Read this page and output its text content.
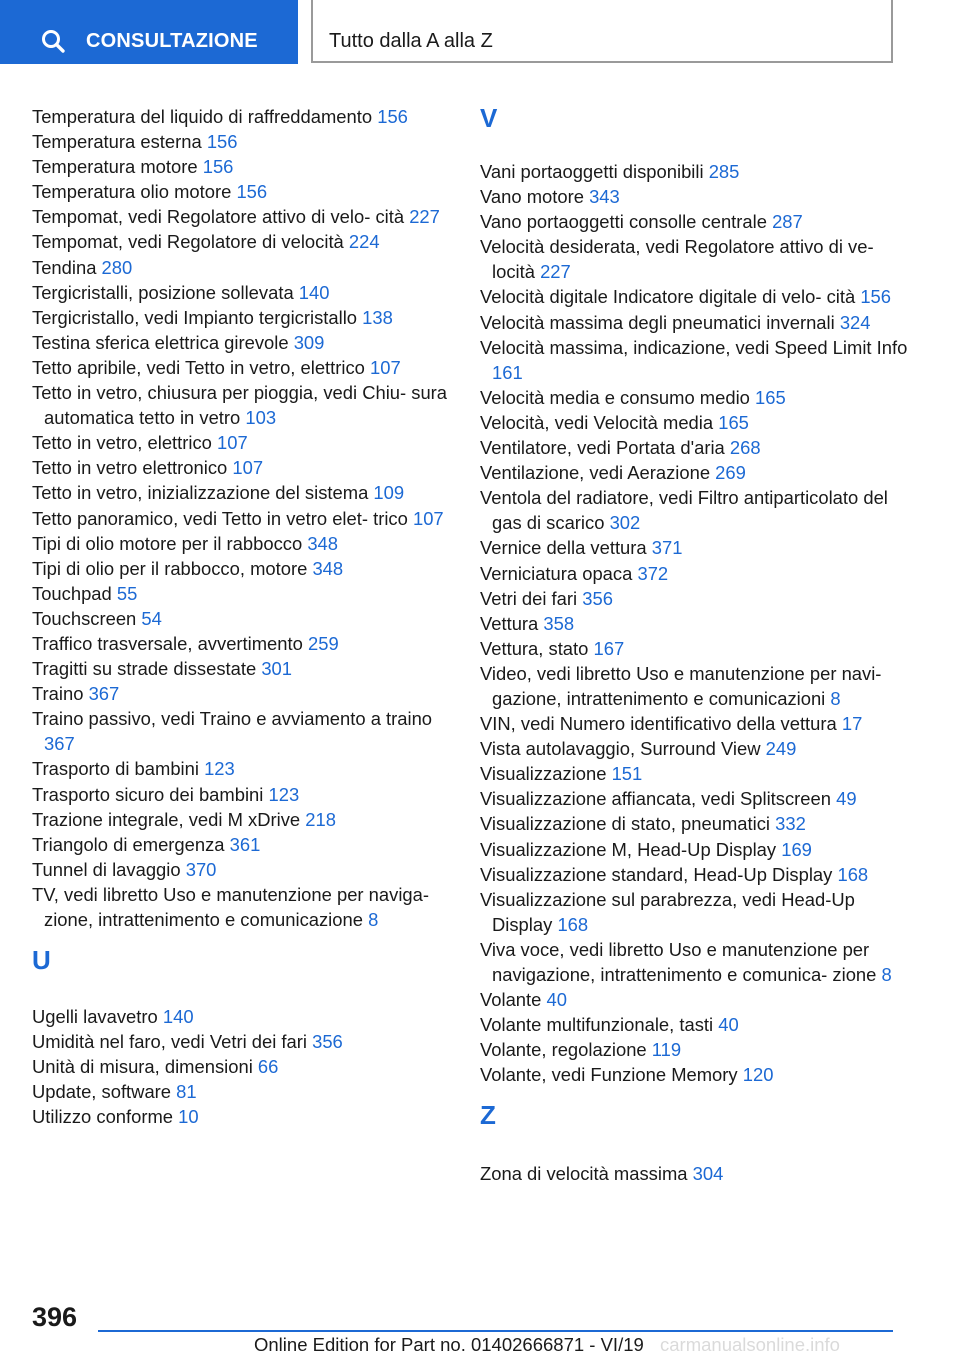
CONSULTAZIONE	Tutto dalla A alla Z
Temperatura del liquido di raffreddamento 156
Temperatura esterna 156
Temperatura motore 156
Temperatura olio motore 156
Tempomat, vedi Regolatore attivo di velo‐ cità 227
Tempomat, vedi Regolatore di velocità 224
Tendina 280
Tergicristalli, posizione sollevata 140
Tergicristallo, vedi Impianto tergicristallo 138
Testina sferica elettrica girevole 309
Tetto apribile, vedi Tetto in vetro, elettrico 107
Tetto in vetro, chiusura per pioggia, vedi Chiu‐ sura automatica tetto in vetro 103
Tetto in vetro, elettrico 107
Tetto in vetro elettronico 107
Tetto in vetro, inizializzazione del sistema 109
Tetto panoramico, vedi Tetto in vetro elet‐ trico 107
Tipi di olio motore per il rabbocco 348
Tipi di olio per il rabbocco, motore 348
Touchpad 55
Touchscreen 54
Traffico trasversale, avvertimento 259
Tragitti su strade dissestate 301
Traino 367
Traino passivo, vedi Traino e avviamento a traino 367
Trasporto di bambini 123
Trasporto sicuro dei bambini 123
Trazione integrale, vedi M xDrive 218
Triangolo di emergenza 361
Tunnel di lavaggio 370
TV, vedi libretto Uso e manutenzione per naviga‐ zione, intrattenimento e comunicazione 8
U
Ugelli lavavetro 140
Umidità nel faro, vedi Vetri dei fari 356
Unità di misura, dimensioni 66
Update, software 81
Utilizzo conforme 10
V
Vani portaoggetti disponibili 285
Vano motore 343
Vano portaoggetti consolle centrale 287
Velocità desiderata, vedi Regolatore attivo di ve‐ locità 227
Velocità digitale Indicatore digitale di velo‐ cità 156
Velocità massima degli pneumatici invernali 324
Velocità massima, indicazione, vedi Speed Limit Info 161
Velocità media e consumo medio 165
Velocità, vedi Velocità media 165
Ventilatore, vedi Portata d'aria 268
Ventilazione, vedi Aerazione 269
Ventola del radiatore, vedi Filtro antiparticolato del gas di scarico 302
Vernice della vettura 371
Verniciatura opaca 372
Vetri dei fari 356
Vettura 358
Vettura, stato 167
Video, vedi libretto Uso e manutenzione per navi‐ gazione, intrattenimento e comunicazioni 8
VIN, vedi Numero identificativo della vettura 17
Vista autolavaggio, Surround View 249
Visualizzazione 151
Visualizzazione affiancata, vedi Splitscreen 49
Visualizzazione di stato, pneumatici 332
Visualizzazione M, Head-Up Display 169
Visualizzazione standard, Head-Up Display 168
Visualizzazione sul parabrezza, vedi Head-Up Display 168
Viva voce, vedi libretto Uso e manutenzione per navigazione, intrattenimento e comunica‐ zione 8
Volante 40
Volante multifunzionale, tasti 40
Volante, regolazione 119
Volante, vedi Funzione Memory 120
Z
Zona di velocità massima 304
396
Online Edition for Part no. 01402666871 - VI/19 carmanualsonline.info
